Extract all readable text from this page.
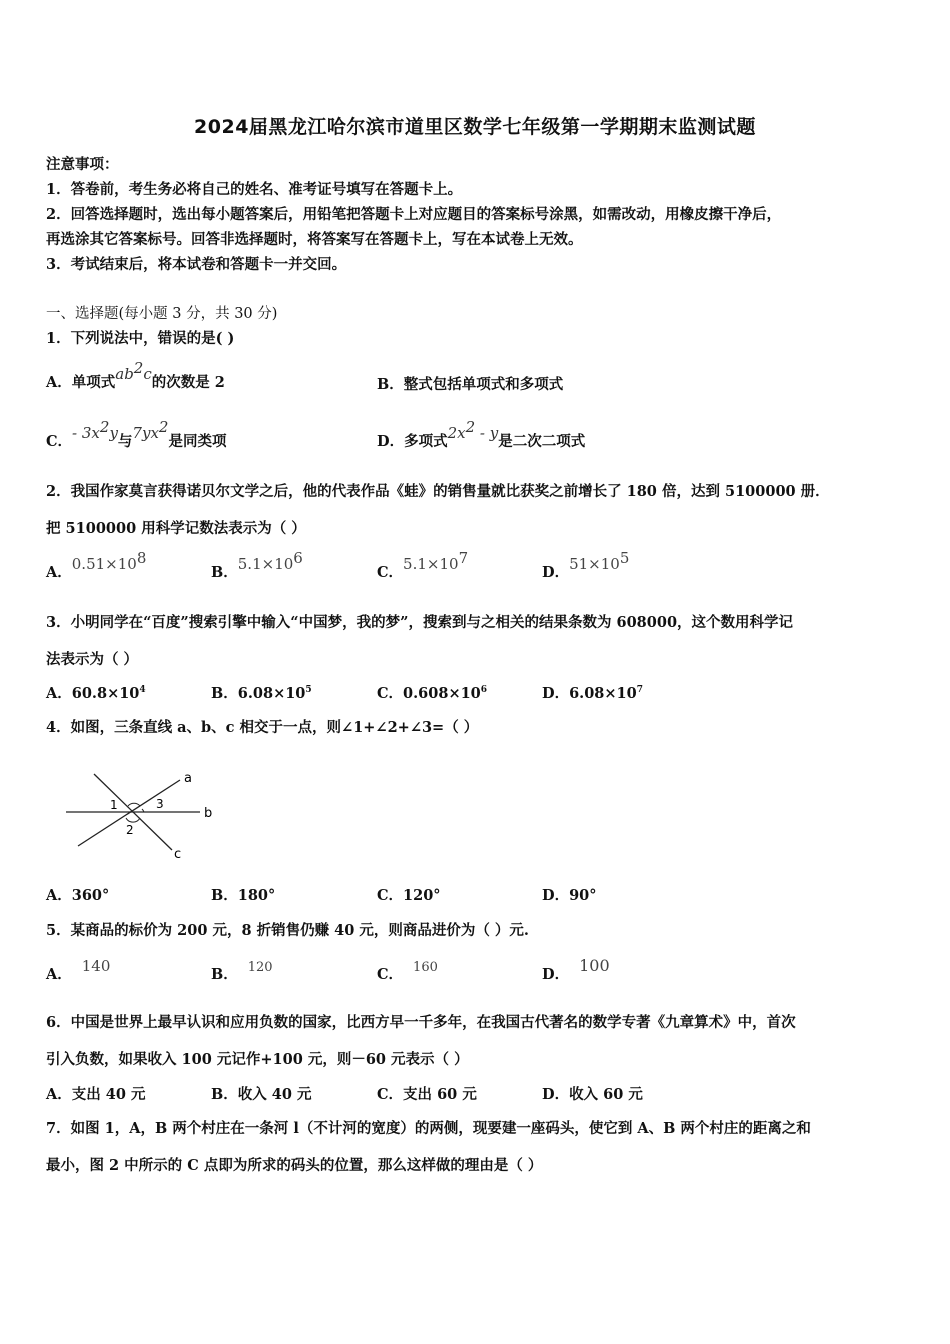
2024届黑龙江哈尔滨市道里区数学七年级第一学期期末监测试题
注意事项：
1．答卷前，考生务必将自己的姓名、准考证号填写在答题卡上。
2．回答选择题时，选出每小题答案后，用铅笔把答题卡上对应题目的答案标号涂黑，如需改动，用橡皮擦干净后，
再选涂其它答案标号。回答非选择题时，将答案写在答题卡上，写在本试卷上无效。
3．考试结束后，将本试卷和答题卡一并交回。
一、选择题(每小题 3 分，共 30 分)
1．下列说法中，错误的是( )
A．单项式$ab^2c$的次数是 2	B．整式包括单项式和多项式
C．- $3x^2y$与$7yx^2$是同类项	D．多项式$2x^2$ - y是二次二项式
2．我国作家莫言获得诺贝尔文学之后，他的代表作品《蛙》的销售量就比获奖之前增长了 180 倍，达到 5100000 册．
把 5100000 用科学记数法表示为（ ）
A．$0.51\times 10^8$
B．$5.1\times 10^6$
C．$5.1\times 10^7$
D．$51\times 10^5$
3．小明同学在“百度”搜索引擎中输入“中国梦，我的梦”，搜索到与之相关的结果条数为 608000，这个数用科学记
法表示为（ ）
A．$60.8\times 10^4$	B．$6.08\times 10^5$	C．$0.608\times 10^6$	D．$6.08\times 10^7$
4．如图，三条直线 a、b、c 相交于一点，则∠1+∠2+∠3=（ ）
a
b
c
1	3
2
A．360°	B．180°	C．120°	D．90°
5．某商品的标价为 200 元，8 折销售仍赚 40 元，则商品进价为（ ）元.
A． 140	B． 120	C． 160	D． 100
6．中国是世界上最早认识和应用负数的国家，比西方早一千多年，在我国古代著名的数学专著《九章算术》中，首次
引入负数，如果收入 100 元记作+100 元，则－60 元表示（ ）
A．支出 40 元	B．收入 40 元	C．支出 60 元	D．收入 60 元
7．如图 1，A，B 两个村庄在一条河 l（不计河的宽度）的两侧，现要建一座码头，使它到 A、B 两个村庄的距离之和
最小，图 2 中所示的 C 点即为所求的码头的位置，那么这样做的理由是（ ）
